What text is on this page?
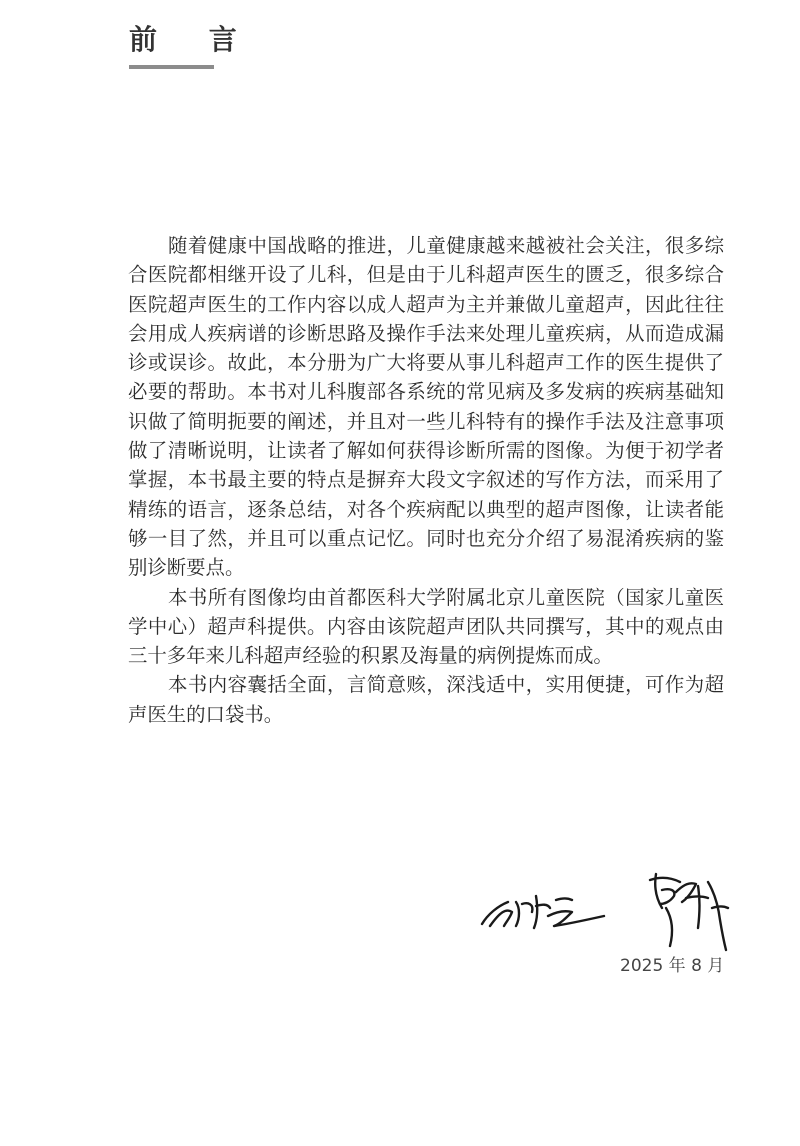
前 言

随着健康中国战略的推进，儿童健康越来越被社会关注，很多综合医院都相继开设了儿科，但是由于儿科超声医生的匮乏，很多综合医院超声医生的工作内容以成人超声为主并兼做儿童超声，因此往往会用成人疾病谱的诊断思路及操作手法来处理儿童疾病，从而造成漏诊或误诊。故此，本分册为广大将要从事儿科超声工作的医生提供了必要的帮助。本书对儿科腹部各系统的常见病及多发病的疾病基础知识做了简明扼要的阐述，并且对一些儿科特有的操作手法及注意事项做了清晰说明，让读者了解如何获得诊断所需的图像。为便于初学者掌握，本书最主要的特点是摒弃大段文字叙述的写作方法，而采用了精练的语言，逐条总结，对各个疾病配以典型的超声图像，让读者能够一目了然，并且可以重点记忆。同时也充分介绍了易混淆疾病的鉴别诊断要点。

本书所有图像均由首都医科大学附属北京儿童医院（国家儿童医学中心）超声科提供。内容由该院超声团队共同撰写，其中的观点由三十多年来儿科超声经验的积累及海量的病例提炼而成。

本书内容囊括全面，言简意赅，深浅适中，实用便捷，可作为超声医生的口袋书。

2025 年 8 月
